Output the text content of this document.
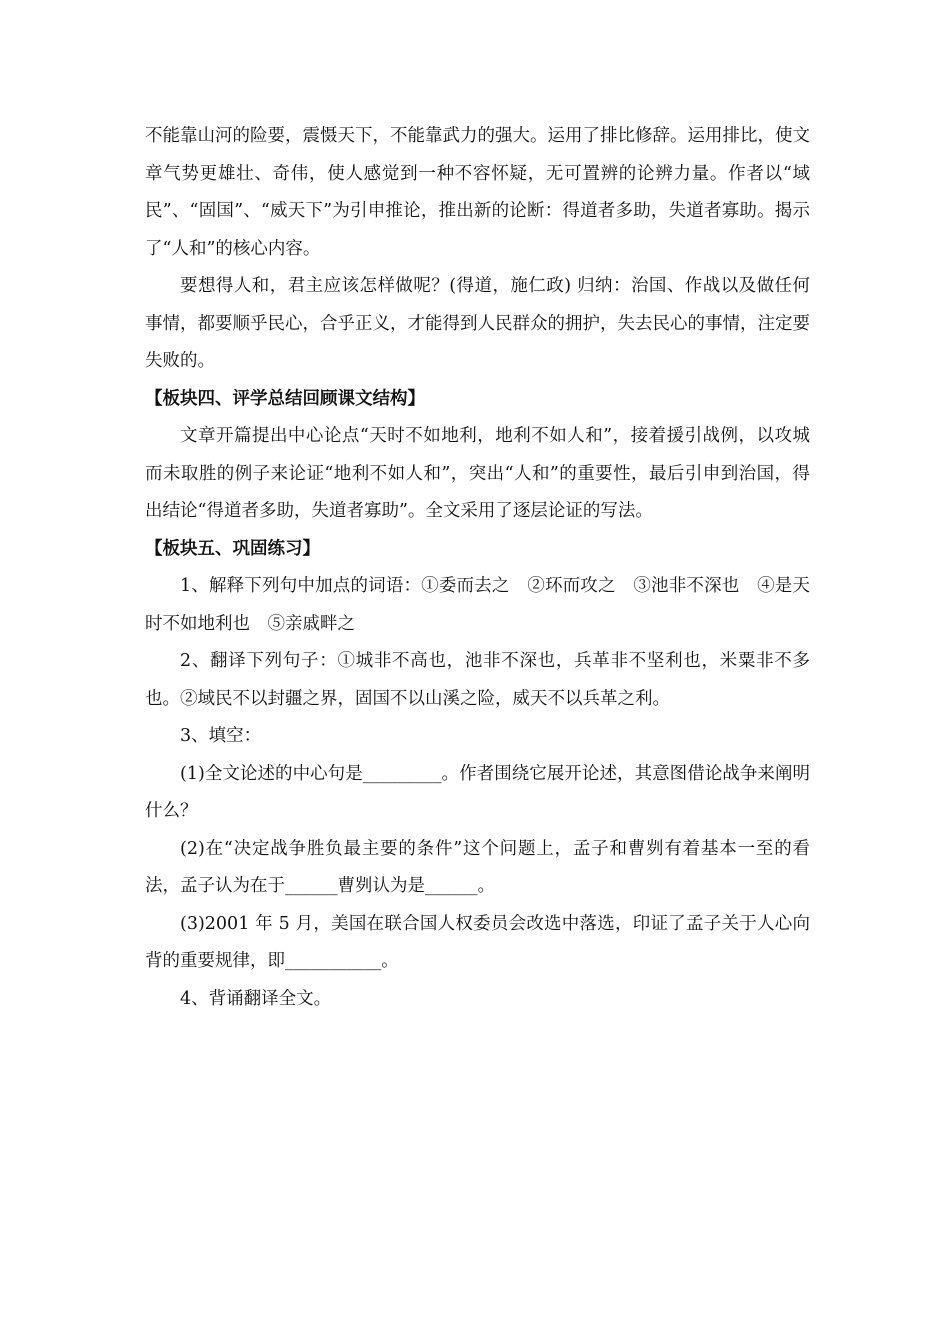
不能靠山河的险要，震慑天下，不能靠武力的强大。运用了排比修辞。运用排比，使文章气势更雄壮、奇伟，使人感觉到一种不容怀疑，无可置辨的论辨力量。作者以“域民”、“固国”、“威天下”为引申推论，推出新的论断：得道者多助，失道者寡助。揭示了“人和”的核心内容。

要想得人和，君主应该怎样做呢？(得道，施仁政) 归纳：治国、作战以及做任何事情，都要顺乎民心，合乎正义，才能得到人民群众的拥护，失去民心的事情，注定要失败的。

【板块四、评学总结回顾课文结构】

文章开篇提出中心论点“天时不如地利，地利不如人和”，接着援引战例，以攻城而未取胜的例子来论证“地利不如人和”，突出“人和”的重要性，最后引申到治国，得出结论“得道者多助，失道者寡助”。全文采用了逐层论证的写法。

【板块五、巩固练习】

1、解释下列句中加点的词语：①委而去之　②环而攻之　③池非不深也　④是天时不如地利也　⑤亲戚畔之

2、翻译下列句子：①城非不高也，池非不深也，兵革非不坚利也，米粟非不多也。②域民不以封疆之界，固国不以山溪之险，威天不以兵革之利。

3、填空：

(1)全文论述的中心句是_________。作者围绕它展开论述，其意图借论战争来阐明什么？

(2)在“决定战争胜负最主要的条件”这个问题上，孟子和曹刿有着基本一至的看法，孟子认为在于______曹刿认为是______。

(3)2001 年 5 月，美国在联合国人权委员会改选中落选，印证了孟子关于人心向背的重要规律，即___________。

4、背诵翻译全文。
